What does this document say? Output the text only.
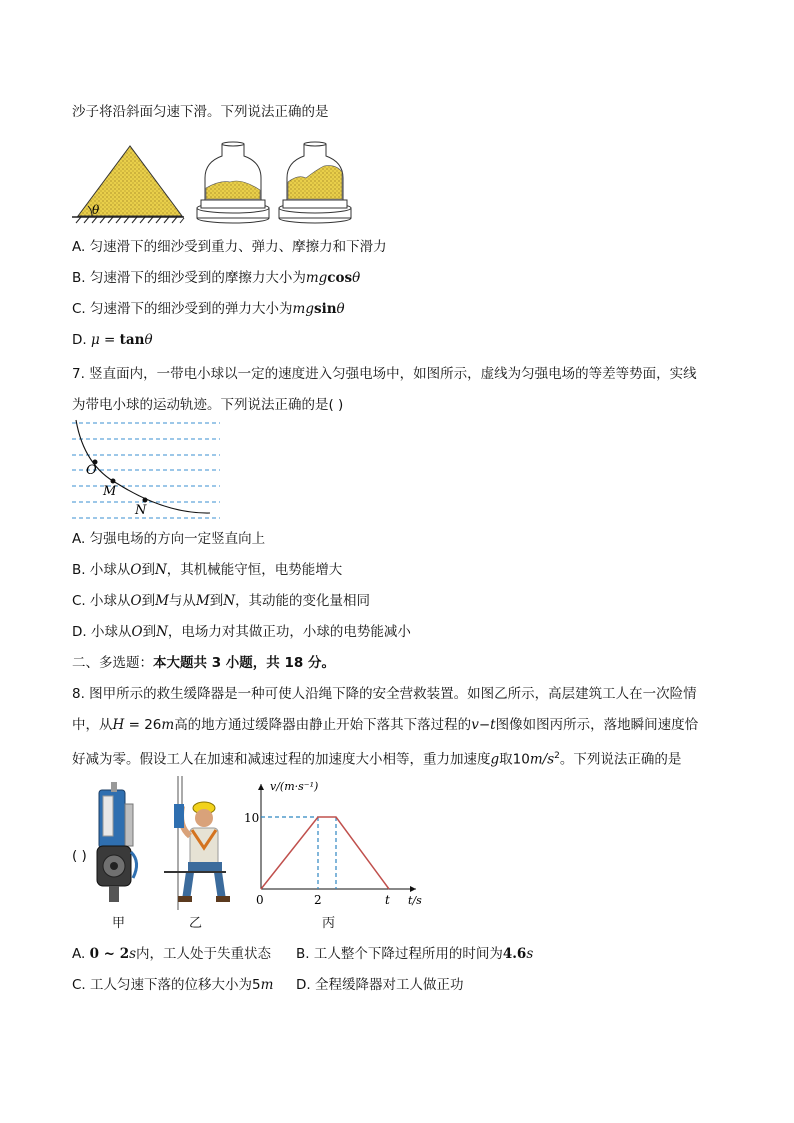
沙子将沿斜面匀速下滑。下列说法正确的是
θ
A. 匀速滑下的细沙受到重力、弹力、摩擦力和下滑力
B. 匀速滑下的细沙受到的摩擦力大小为mgcosθ
C. 匀速滑下的细沙受到的弹力大小为mgsinθ
D. μ = tanθ
7. 竖直面内，一带电小球以一定的速度进入匀强电场中，如图所示，虚线为匀强电场的等差等势面，实线
为带电小球的运动轨迹。下列说法正确的是( )
O
M
N
A. 匀强电场的方向一定竖直向上
B. 小球从O到N，其机械能守恒，电势能增大
C. 小球从O到M与从M到N，其动能的变化量相同
D. 小球从O到N，电场力对其做正功，小球的电势能减小
二、多选题：本大题共 3 小题，共 18 分。
8. 图甲所示的救生缓降器是一种可使人沿绳下降的安全营救装置。如图乙所示，高层建筑工人在一次险情
中，从H = 26m高的地方通过缓降器由静止开始下落其下落过程的v−t图像如图丙所示，落地瞬间速度恰
好减为零。假设工人在加速和减速过程的加速度大小相等，重力加速度g取$10m/s^2$。下列说法正确的是
( )
甲	乙
v/(m·s⁻¹)
t/s
10
0	2	t
丙
A. 0 ~ 2s内，工人处于失重状态 B. 工人整个下降过程所用的时间为4.6s
C. 工人匀速下落的位移大小为5m D. 全程缓降器对工人做正功
